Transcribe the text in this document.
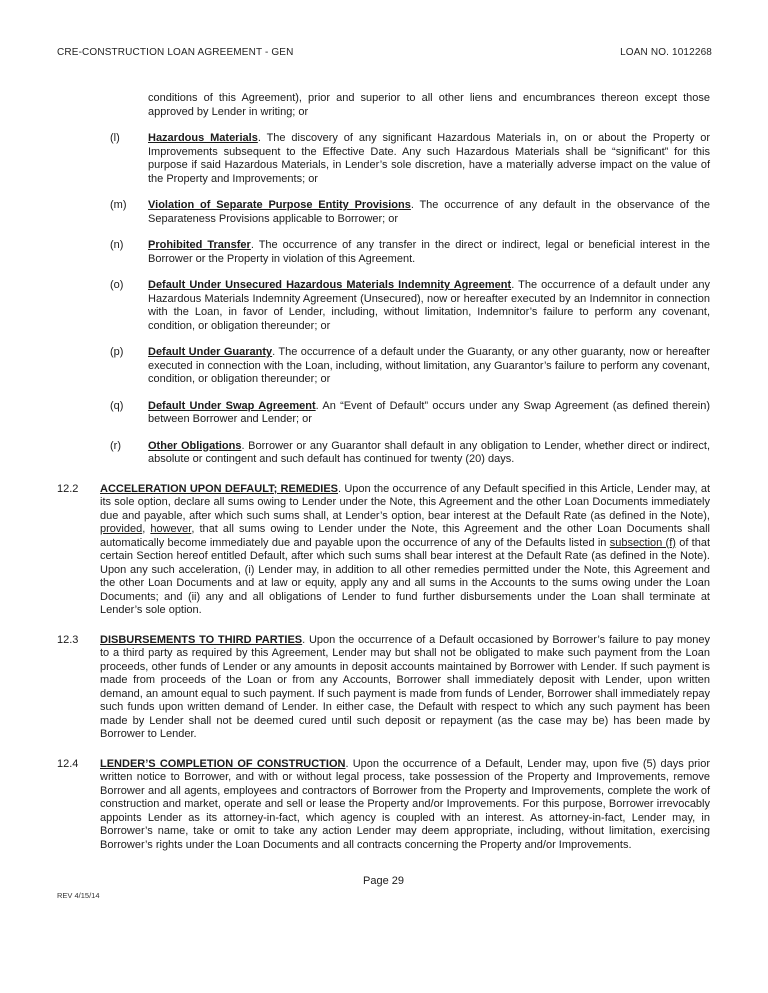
CRE-CONSTRUCTION LOAN AGREEMENT - GEN	LOAN NO. 1012268

conditions of this Agreement), prior and superior to all other liens and encumbrances thereon except those approved by Lender in writing; or

(l)	Hazardous Materials. The discovery of any significant Hazardous Materials in, on or about the Property or Improvements subsequent to the Effective Date. Any such Hazardous Materials shall be “significant” for this purpose if said Hazardous Materials, in Lender’s sole discretion, have a materially adverse impact on the value of the Property and Improvements; or
(m)	Violation of Separate Purpose Entity Provisions. The occurrence of any default in the observance of the Separateness Provisions applicable to Borrower; or
(n)	Prohibited Transfer. The occurrence of any transfer in the direct or indirect, legal or beneficial interest in the Borrower or the Property in violation of this Agreement.
(o)	Default Under Unsecured Hazardous Materials Indemnity Agreement. The occurrence of a default under any Hazardous Materials Indemnity Agreement (Unsecured), now or hereafter executed by an Indemnitor in connection with the Loan, in favor of Lender, including, without limitation, Indemnitor’s failure to perform any covenant, condition, or obligation thereunder; or
(p)	Default Under Guaranty. The occurrence of a default under the Guaranty, or any other guaranty, now or hereafter executed in connection with the Loan, including, without limitation, any Guarantor’s failure to perform any covenant, condition, or obligation thereunder; or
(q)	Default Under Swap Agreement. An “Event of Default” occurs under any Swap Agreement (as defined therein) between Borrower and Lender; or
(r)	Other Obligations. Borrower or any Guarantor shall default in any obligation to Lender, whether direct or indirect, absolute or contingent and such default has continued for twenty (20) days.
12.2	ACCELERATION UPON DEFAULT; REMEDIES. Upon the occurrence of any Default specified in this Article, Lender may, at its sole option, declare all sums owing to Lender under the Note, this Agreement and the other Loan Documents immediately due and payable, after which such sums shall, at Lender’s option, bear interest at the Default Rate (as defined in the Note), provided, however, that all sums owing to Lender under the Note, this Agreement and the other Loan Documents shall automatically become immediately due and payable upon the occurrence of any of the Defaults listed in subsection (f) of that certain Section hereof entitled Default, after which such sums shall bear interest at the Default Rate (as defined in the Note). Upon any such acceleration, (i) Lender may, in addition to all other remedies permitted under the Note, this Agreement and the other Loan Documents and at law or equity, apply any and all sums in the Accounts to the sums owing under the Loan Documents; and (ii) any and all obligations of Lender to fund further disbursements under the Loan shall terminate at Lender’s sole option.
12.3	DISBURSEMENTS TO THIRD PARTIES. Upon the occurrence of a Default occasioned by Borrower’s failure to pay money to a third party as required by this Agreement, Lender may but shall not be obligated to make such payment from the Loan proceeds, other funds of Lender or any amounts in deposit accounts maintained by Borrower with Lender. If such payment is made from proceeds of the Loan or from any Accounts, Borrower shall immediately deposit with Lender, upon written demand, an amount equal to such payment. If such payment is made from funds of Lender, Borrower shall immediately repay such funds upon written demand of Lender. In either case, the Default with respect to which any such payment has been made by Lender shall not be deemed cured until such deposit or repayment (as the case may be) has been made by Borrower to Lender.
12.4	LENDER’S COMPLETION OF CONSTRUCTION. Upon the occurrence of a Default, Lender may, upon five (5) days prior written notice to Borrower, and with or without legal process, take possession of the Property and Improvements, remove Borrower and all agents, employees and contractors of Borrower from the Property and Improvements, complete the work of construction and market, operate and sell or lease the Property and/or Improvements. For this purpose, Borrower irrevocably appoints Lender as its attorney-in-fact, which agency is coupled with an interest. As attorney-in-fact, Lender may, in Borrower’s name, take or omit to take any action Lender may deem appropriate, including, without limitation, exercising Borrower’s rights under the Loan Documents and all contracts concerning the Property and/or Improvements.
Page 29
REV 4/15/14
